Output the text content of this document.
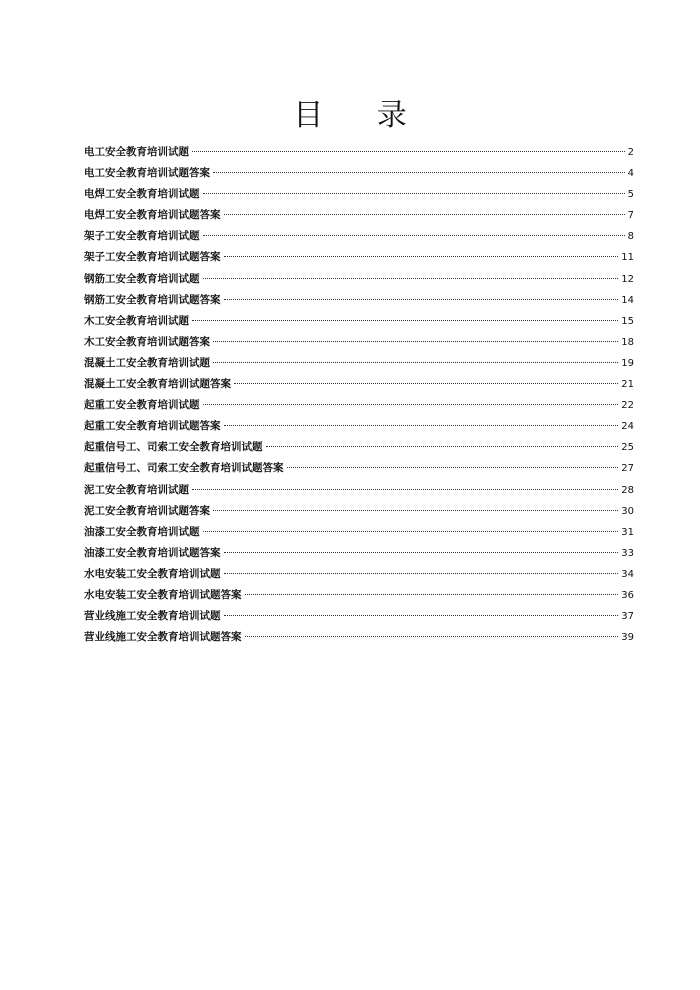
目 录
电工安全教育培训试题	2
电工安全教育培训试题答案	4
电焊工安全教育培训试题	5
电焊工安全教育培训试题答案	7
架子工安全教育培训试题	8
架子工安全教育培训试题答案	11
钢筋工安全教育培训试题	12
钢筋工安全教育培训试题答案	14
木工安全教育培训试题	15
木工安全教育培训试题答案	18
混凝土工安全教育培训试题	19
混凝土工安全教育培训试题答案	21
起重工安全教育培训试题	22
起重工安全教育培训试题答案	24
起重信号工、司索工安全教育培训试题	25
起重信号工、司索工安全教育培训试题答案	27
泥工安全教育培训试题	28
泥工安全教育培训试题答案	30
油漆工安全教育培训试题	31
油漆工安全教育培训试题答案	33
水电安装工安全教育培训试题	34
水电安装工安全教育培训试题答案	36
营业线施工安全教育培训试题	37
营业线施工安全教育培训试题答案	39
